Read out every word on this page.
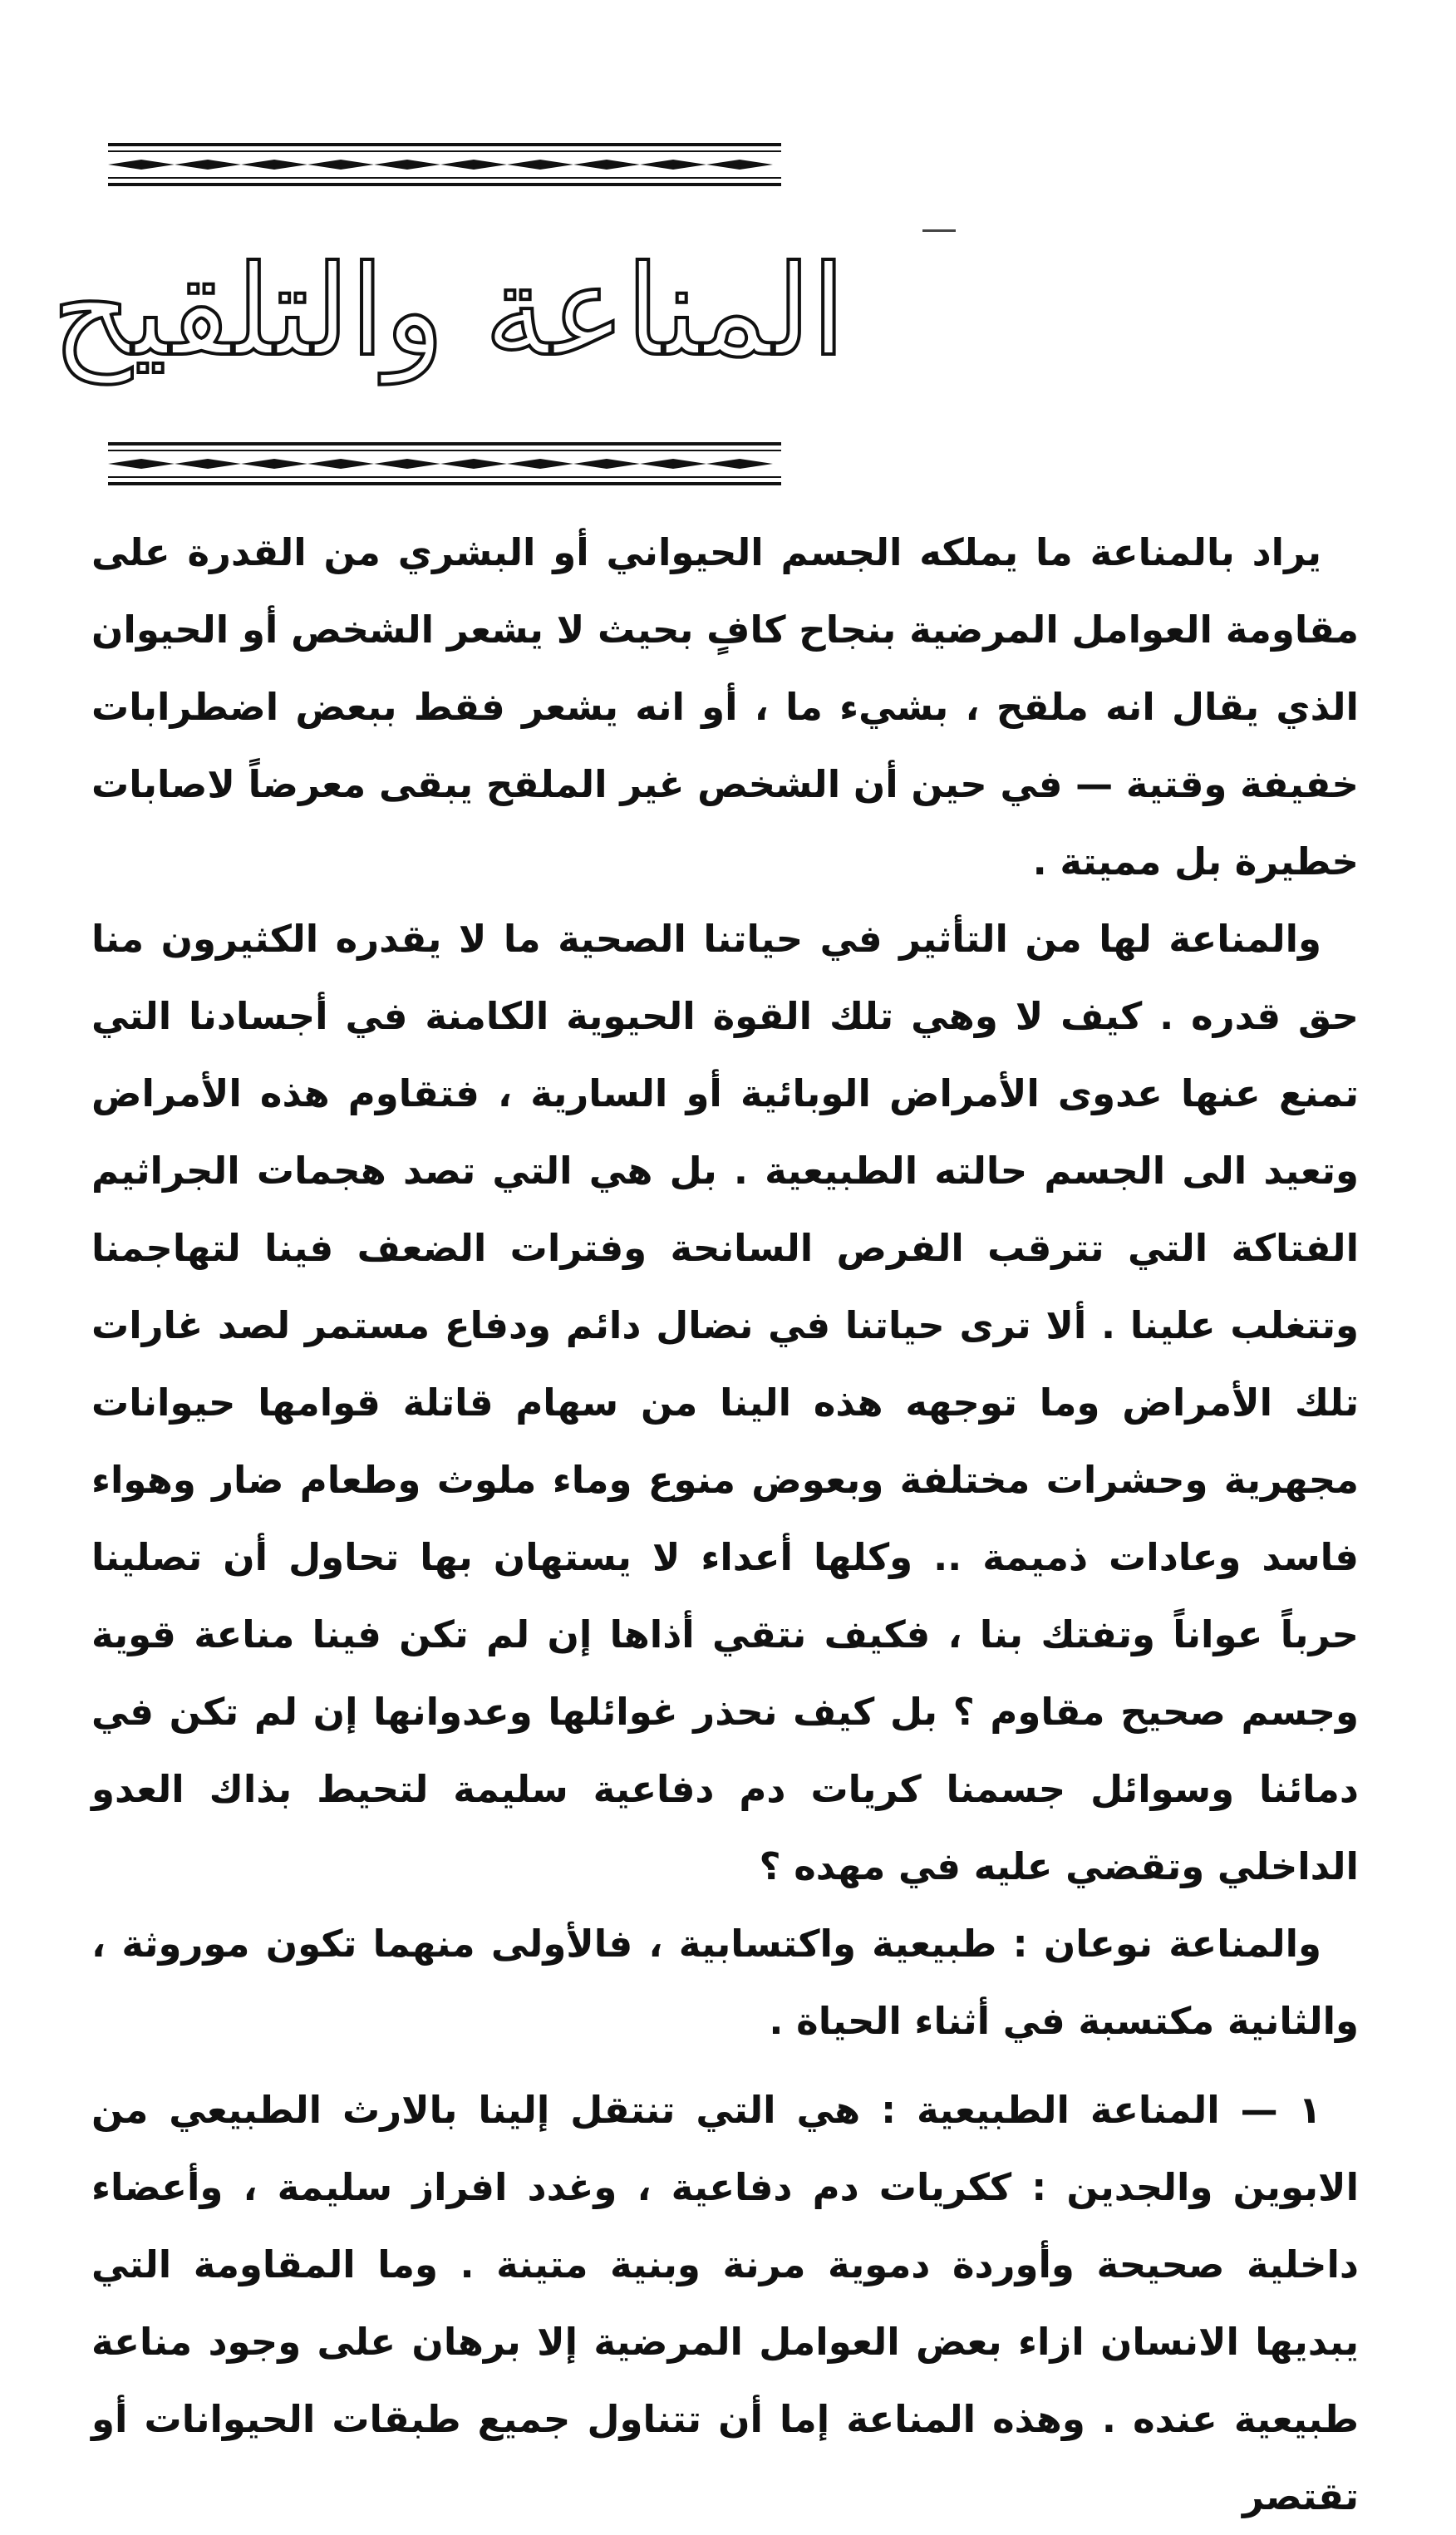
المناعة والتلقيح

يراد بالمناعة ما يملكه الجسم الحيواني أو البشري من القدرة على مقاومة العوامل المرضية بنجاح كافٍ بحيث لا يشعر الشخص أو الحيوان الذي يقال انه ملقح ، بشيء ما ، أو انه يشعر فقط ببعض اضطرابات خفيفة وقتية — في حين أن الشخص غير الملقح يبقى معرضاً لاصابات خطيرة بل مميتة .

والمناعة لها من التأثير في حياتنا الصحية ما لا يقدره الكثيرون منا حق قدره . كيف لا وهي تلك القوة الحيوية الكامنة في أجسادنا التي تمنع عنها عدوى الأمراض الوبائية أو السارية ، فتقاوم هذه الأمراض وتعيد الى الجسم حالته الطبيعية . بل هي التي تصد هجمات الجراثيم الفتاكة التي تترقب الفرص السانحة وفترات الضعف فينا لتهاجمنا وتتغلب علينا . ألا ترى حياتنا في نضال دائم ودفاع مستمر لصد غارات تلك الأمراض وما توجهه هذه الينا من سهام قاتلة قوامها حيوانات مجهرية وحشرات مختلفة وبعوض منوع وماء ملوث وطعام ضار وهواء فاسد وعادات ذميمة .. وكلها أعداء لا يستهان بها تحاول أن تصلينا حرباً عواناً وتفتك بنا ، فكيف نتقي أذاها إن لم تكن فينا مناعة قوية وجسم صحيح مقاوم ؟ بل كيف نحذر غوائلها وعدوانها إن لم تكن في دمائنا وسوائل جسمنا كريات دم دفاعية سليمة لتحيط بذاك العدو الداخلي وتقضي عليه في مهده ؟

والمناعة نوعان : طبيعية واكتسابية ، فالأولى منهما تكون موروثة ، والثانية مكتسبة في أثناء الحياة .

١ — المناعة الطبيعية : هي التي تنتقل إلينا بالارث الطبيعي من الابوين والجدين : ككريات دم دفاعية ، وغدد افراز سليمة ، وأعضاء داخلية صحيحة وأوردة دموية مرنة وبنية متينة . وما المقاومة التي يبديها الانسان ازاء بعض العوامل المرضية إلا برهان على وجود مناعة طبيعية عنده . وهذه المناعة إما أن تتناول جميع طبقات الحيوانات أو تقتصر
